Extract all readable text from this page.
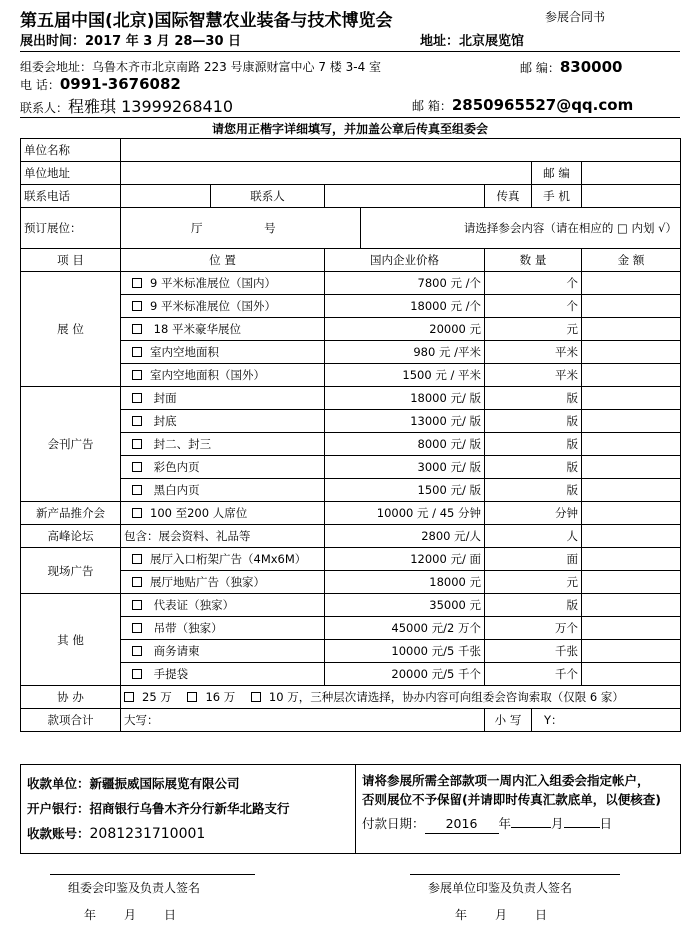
第五届中国(北京)国际智慧农业装备与技术博览会	参展合同书
展出时间：2017 年 3 月 28—30 日	地址：北京展览馆
组委会地址：乌鲁木齐市北京南路 223 号康源财富中心 7 楼 3-4 室	邮 编：830000
电 话：0991-3676082
联系人：程雅琪 13999268410	邮 箱：2850965527@qq.com
请您用正楷字详细填写，并加盖公章后传真至组委会
单位名称							
单位地址						邮 编	
联系电话		联系人			传真	手 机	
预订展位：	厅 号			请选择参会内容（请在相应的 □ 内划 √）			
项 目	位 置		国内企业价格		数 量		金 额
展 位	9 平米标准展位（国内）		7800 元 /个		个		
	9 平米标准展位（国外）		18000 元 /个		个		
	18 平米豪华展位		20000 元		元		
	室内空地面积		980 元 /平米		平米		
	室内空地面积（国外）		1500 元 / 平米		平米		
会刊广告	封面		18000 元/ 版		版		
	封底		13000 元/ 版		版		
	封二、封三		8000 元/ 版		版		
	彩色内页		3000 元/ 版		版		
	黑白内页		1500 元/ 版		版		
新产品推介会	100 至200 人席位		10000 元 / 45 分钟		分钟		
高峰论坛	包含：展会资料、礼品等		2800 元/人		人		
现场广告	展厅入口桁架广告（4Mx6M）		12000 元/ 面		面		
	展厅地贴广告（独家）		18000 元		元		
其 他	代表证（独家）		35000 元		版		
	吊带（独家）		45000 元/2 万个		万个		
	商务请柬		10000 元/5 千张		千张		
	手提袋		20000 元/5 千个		千个		
协 办	25 万 16 万 10 万，三种层次请选择，协办内容可向组委会咨询索取（仅限 6 家）						
款项合计	大写：				小 写	Y：	
收款单位：新疆振威国际展览有限公司
开户银行：招商银行乌鲁木齐分行新华北路支行
收款账号：2081231710001

请将参展所需全部款项一周内汇入组委会指定帐户，
否则展位不予保留(并请即时传真汇款底单，以便核查)
付款日期： 2016 年	月	日
组委会印鉴及负责人签名
年 月 日
参展单位印鉴及负责人签名
年 月 日
